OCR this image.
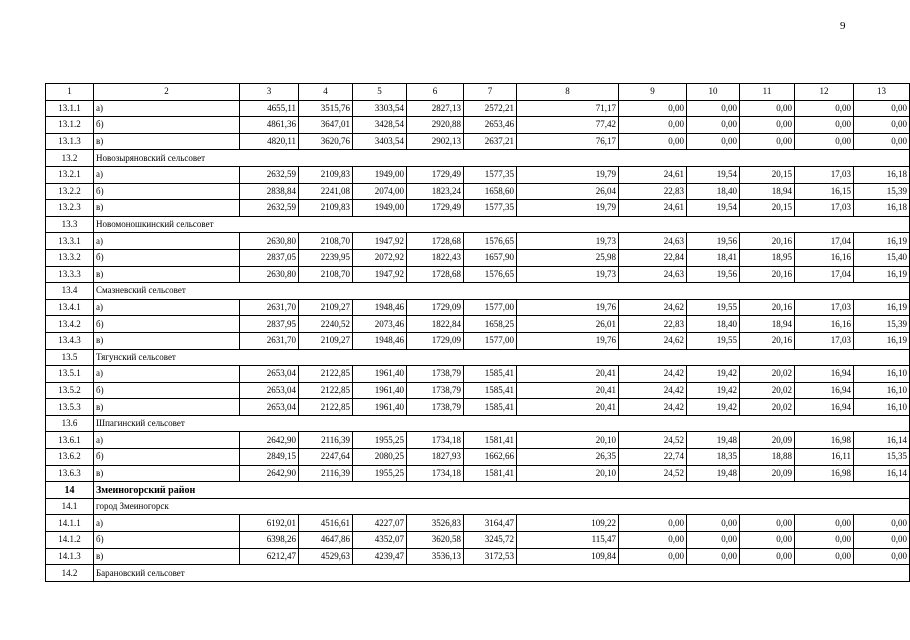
9
1	2	3	4	5	6	7	8	9	10	11	12	13
13.1.1	а)	4655,11	3515,76	3303,54	2827,13	2572,21	71,17	0,00	0,00	0,00	0,00	0,00
13.1.2	б)	4861,36	3647,01	3428,54	2920,88	2653,46	77,42	0,00	0,00	0,00	0,00	0,00
13.1.3	в)	4820,11	3620,76	3403,54	2902,13	2637,21	76,17	0,00	0,00	0,00	0,00	0,00
13.2	Новозыряновский сельсовет											
13.2.1	а)	2632,59	2109,83	1949,00	1729,49	1577,35	19,79	24,61	19,54	20,15	17,03	16,18
13.2.2	б)	2838,84	2241,08	2074,00	1823,24	1658,60	26,04	22,83	18,40	18,94	16,15	15,39
13.2.3	в)	2632,59	2109,83	1949,00	1729,49	1577,35	19,79	24,61	19,54	20,15	17,03	16,18
13.3	Новомоношкинский сельсовет											
13.3.1	а)	2630,80	2108,70	1947,92	1728,68	1576,65	19,73	24,63	19,56	20,16	17,04	16,19
13.3.2	б)	2837,05	2239,95	2072,92	1822,43	1657,90	25,98	22,84	18,41	18,95	16,16	15,40
13.3.3	в)	2630,80	2108,70	1947,92	1728,68	1576,65	19,73	24,63	19,56	20,16	17,04	16,19
13.4	Смазневский сельсовет											
13.4.1	а)	2631,70	2109,27	1948,46	1729,09	1577,00	19,76	24,62	19,55	20,16	17,03	16,19
13.4.2	б)	2837,95	2240,52	2073,46	1822,84	1658,25	26,01	22,83	18,40	18,94	16,16	15,39
13.4.3	в)	2631,70	2109,27	1948,46	1729,09	1577,00	19,76	24,62	19,55	20,16	17,03	16,19
13.5	Тягунский сельсовет											
13.5.1	а)	2653,04	2122,85	1961,40	1738,79	1585,41	20,41	24,42	19,42	20,02	16,94	16,10
13.5.2	б)	2653,04	2122,85	1961,40	1738,79	1585,41	20,41	24,42	19,42	20,02	16,94	16,10
13.5.3	в)	2653,04	2122,85	1961,40	1738,79	1585,41	20,41	24,42	19,42	20,02	16,94	16,10
13.6	Шпагинский сельсовет											
13.6.1	а)	2642,90	2116,39	1955,25	1734,18	1581,41	20,10	24,52	19,48	20,09	16,98	16,14
13.6.2	б)	2849,15	2247,64	2080,25	1827,93	1662,66	26,35	22,74	18,35	18,88	16,11	15,35
13.6.3	в)	2642,90	2116,39	1955,25	1734,18	1581,41	20,10	24,52	19,48	20,09	16,98	16,14
14	Змеиногорский район											
14.1	город Змеиногорск											
14.1.1	а)	6192,01	4516,61	4227,07	3526,83	3164,47	109,22	0,00	0,00	0,00	0,00	0,00
14.1.2	б)	6398,26	4647,86	4352,07	3620,58	3245,72	115,47	0,00	0,00	0,00	0,00	0,00
14.1.3	в)	6212,47	4529,63	4239,47	3536,13	3172,53	109,84	0,00	0,00	0,00	0,00	0,00
14.2	Барановский сельсовет											
